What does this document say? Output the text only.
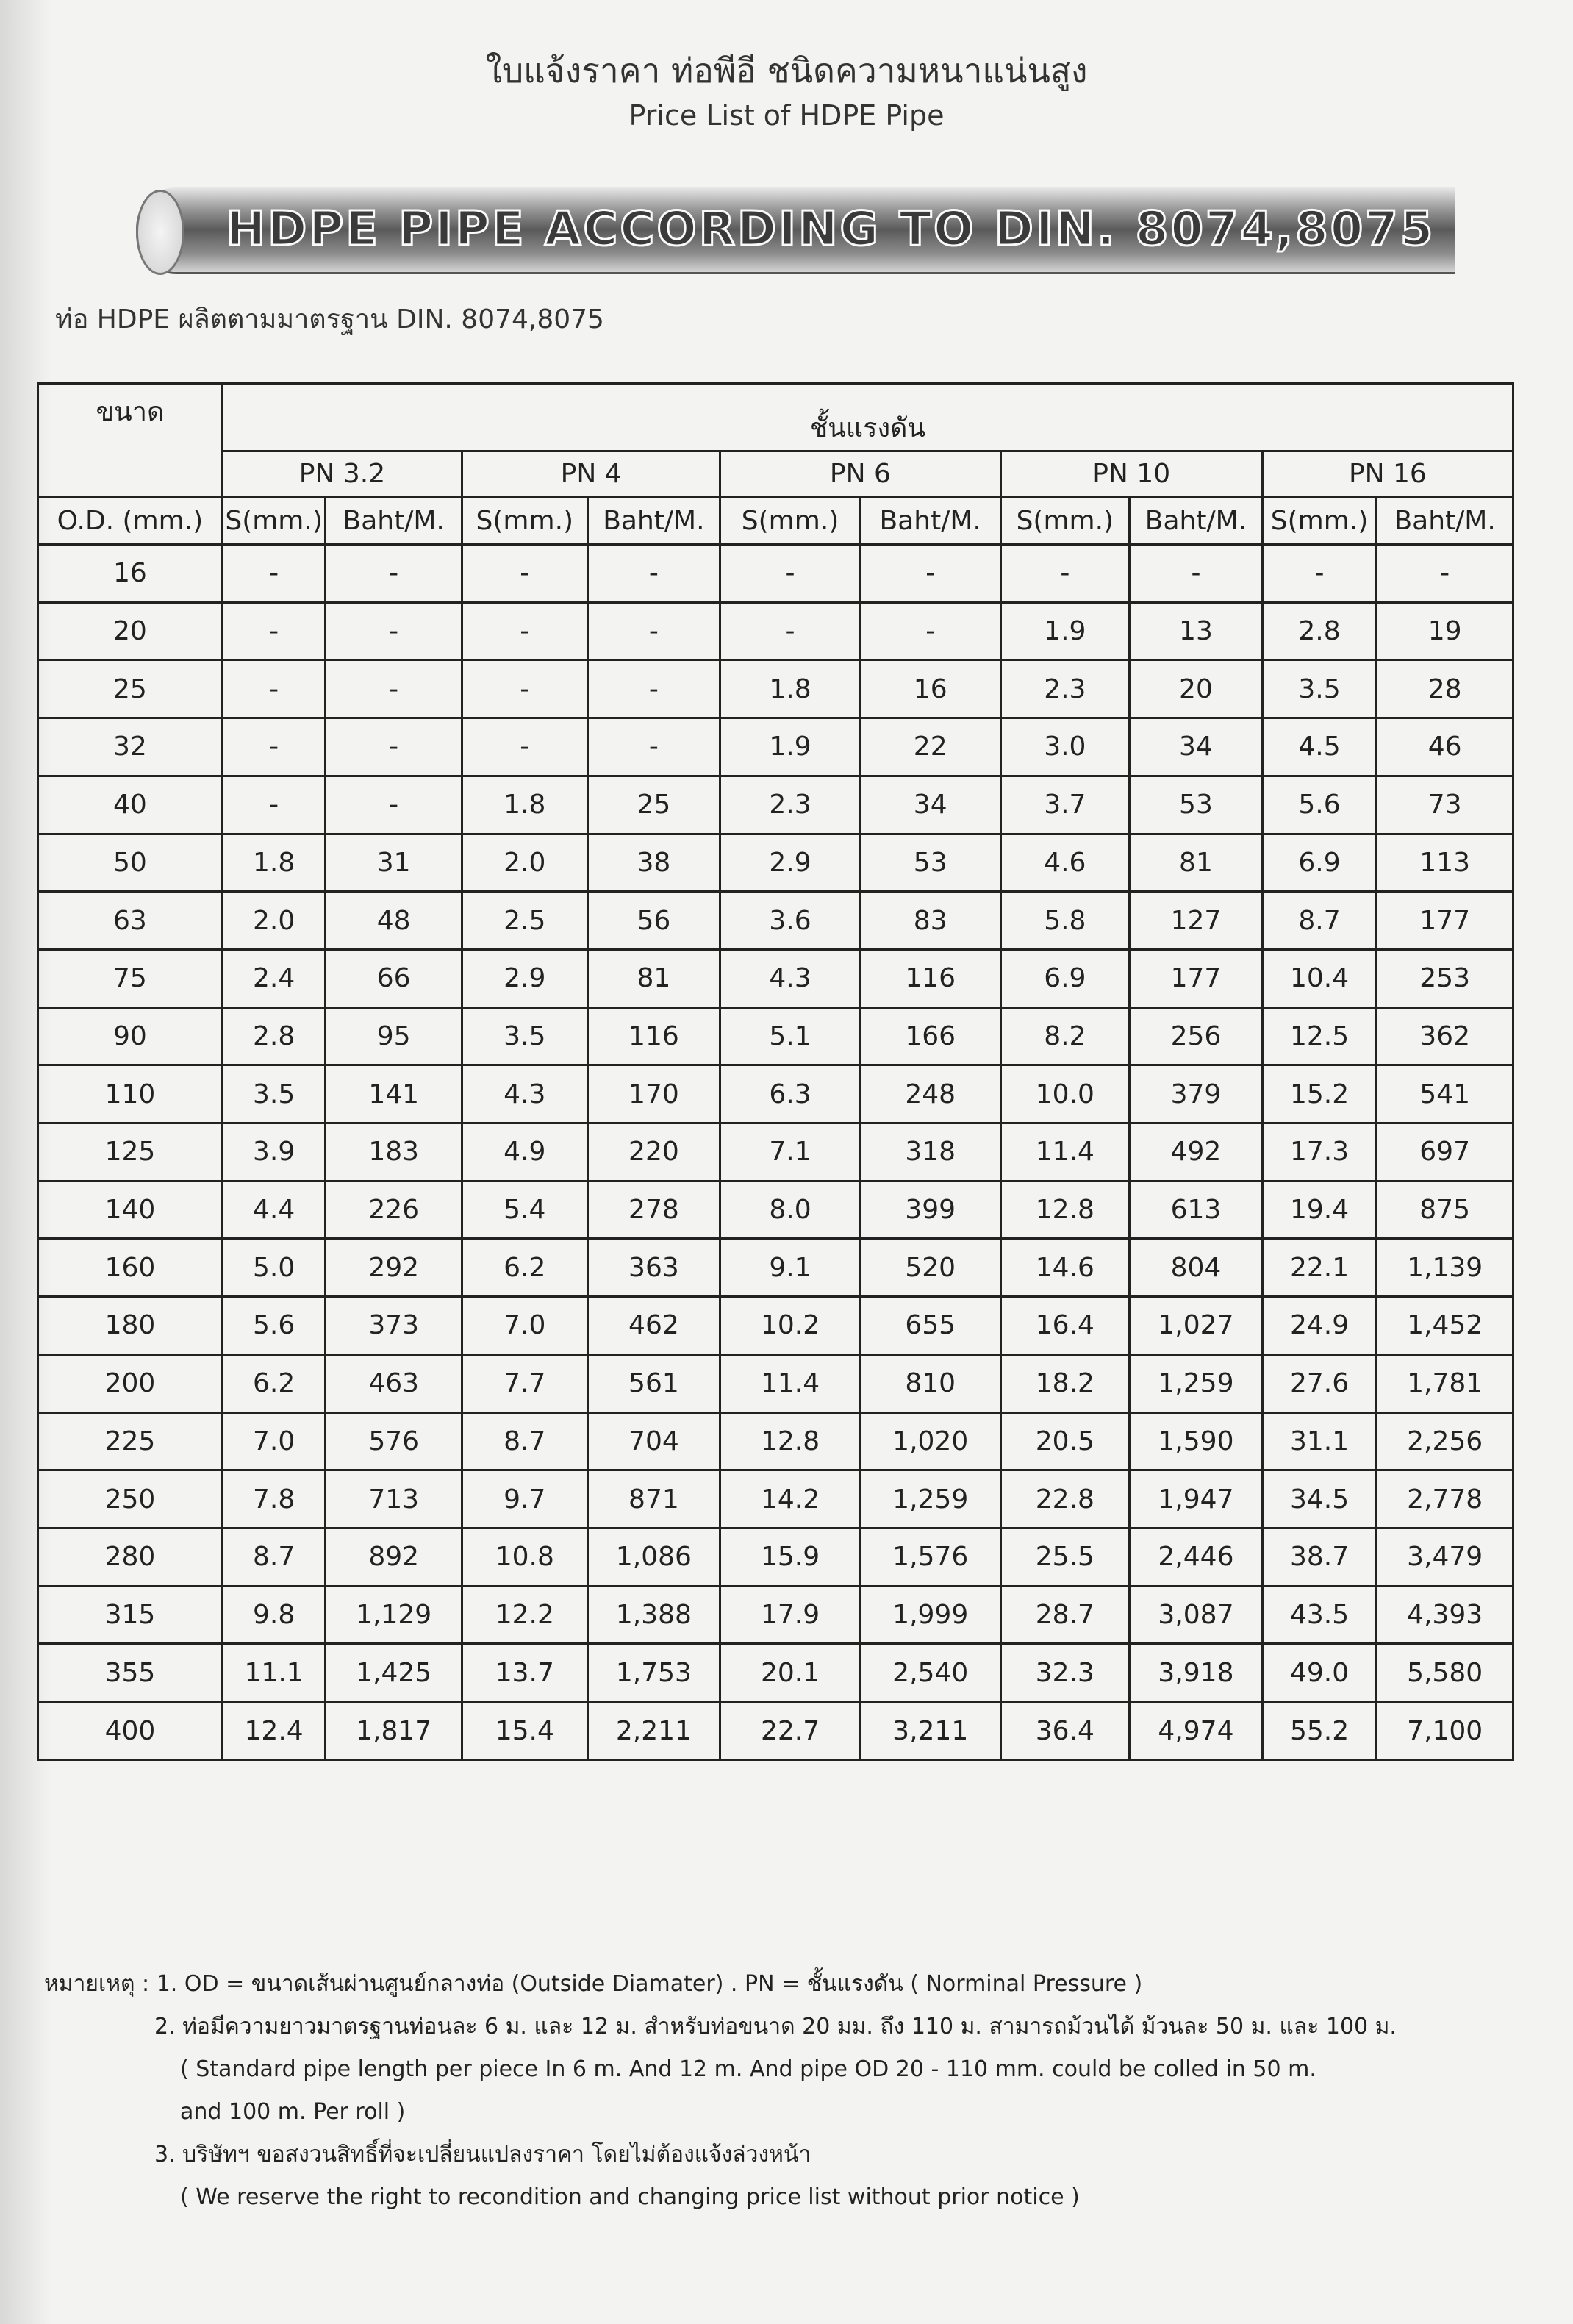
ใบแจ้งราคา ท่อพีอี ชนิดความหนาแน่นสูง
Price List of HDPE Pipe
HDPE PIPE ACCORDING TO DIN. 8074,8075
ท่อ HDPE ผลิตตามมาตรฐาน DIN. 8074,8075
ขนาด	ชั้นแรงดัน									
	PN 3.2		PN 4		PN 6		PN 10		PN 16	
O.D. (mm.)	S(mm.)	Baht/M.	S(mm.)	Baht/M.	S(mm.)	Baht/M.	S(mm.)	Baht/M.	S(mm.)	Baht/M.
16	-	-	-	-	-	-	-	-	-	-
20	-	-	-	-	-	-	1.9	13	2.8	19
25	-	-	-	-	1.8	16	2.3	20	3.5	28
32	-	-	-	-	1.9	22	3.0	34	4.5	46
40	-	-	1.8	25	2.3	34	3.7	53	5.6	73
50	1.8	31	2.0	38	2.9	53	4.6	81	6.9	113
63	2.0	48	2.5	56	3.6	83	5.8	127	8.7	177
75	2.4	66	2.9	81	4.3	116	6.9	177	10.4	253
90	2.8	95	3.5	116	5.1	166	8.2	256	12.5	362
110	3.5	141	4.3	170	6.3	248	10.0	379	15.2	541
125	3.9	183	4.9	220	7.1	318	11.4	492	17.3	697
140	4.4	226	5.4	278	8.0	399	12.8	613	19.4	875
160	5.0	292	6.2	363	9.1	520	14.6	804	22.1	1,139
180	5.6	373	7.0	462	10.2	655	16.4	1,027	24.9	1,452
200	6.2	463	7.7	561	11.4	810	18.2	1,259	27.6	1,781
225	7.0	576	8.7	704	12.8	1,020	20.5	1,590	31.1	2,256
250	7.8	713	9.7	871	14.2	1,259	22.8	1,947	34.5	2,778
280	8.7	892	10.8	1,086	15.9	1,576	25.5	2,446	38.7	3,479
315	9.8	1,129	12.2	1,388	17.9	1,999	28.7	3,087	43.5	4,393
355	11.1	1,425	13.7	1,753	20.1	2,540	32.3	3,918	49.0	5,580
400	12.4	1,817	15.4	2,211	22.7	3,211	36.4	4,974	55.2	7,100
หมายเหตุ : 1. OD = ขนาดเส้นผ่านศูนย์กลางท่อ (Outside Diamater) . PN = ชั้นแรงดัน ( Norminal Pressure )
2. ท่อมีความยาวมาตรฐานท่อนละ 6 ม. และ 12 ม. สำหรับท่อขนาด 20 มม. ถึง 110 ม. สามารถม้วนได้ ม้วนละ 50 ม. และ 100 ม.
( Standard pipe length per piece In 6 m. And 12 m. And pipe OD 20 - 110 mm. could be colled in 50 m.
and 100 m. Per roll )
3. บริษัทฯ ขอสงวนสิทธิ์ที่จะเปลี่ยนแปลงราคา โดยไม่ต้องแจ้งล่วงหน้า
( We reserve the right to recondition and changing price list without prior notice )
